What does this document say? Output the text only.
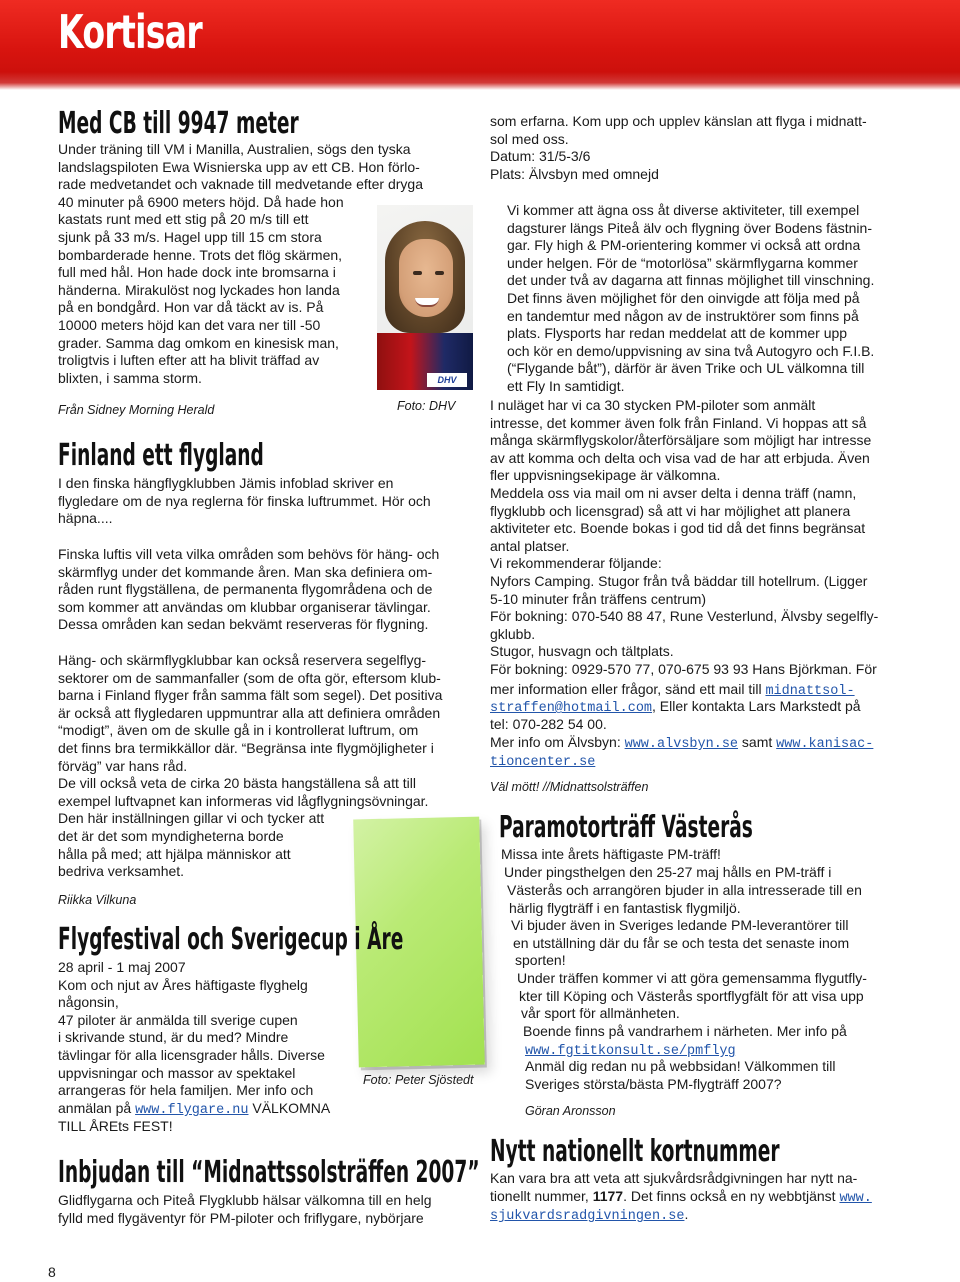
Kortisar
Med CB till 9947 meter
Under träning till VM i Manilla, Australien, sögs den tyska
landslagspiloten Ewa Wisnierska upp av ett CB. Hon förlo-
rade medvetandet och vaknade till medvetande efter dryga
40 minuter på 6900 meters höjd. Då hade hon
kastats runt med ett stig på 20 m/s till ett
sjunk på 33 m/s. Hagel upp till 15 cm stora
bombarderade henne. Trots det flög skärmen,
full med hål. Hon hade dock inte bromsarna i
händerna. Mirakulöst nog lyckades hon landa
på en bondgård. Hon var då täckt av is. På
10000 meters höjd kan det vara ner till -50
grader. Samma dag omkom en kinesisk man,
troligtvis i luften efter att ha blivit träffad av
blixten, i samma storm.
Från Sidney Morning Herald
DHV
Foto: DHV
Finland ett flygland
I den finska hängflygklubben Jämis infoblad skriver en
flygledare om de nya reglerna för finska luftrummet. Hör och
häpna....
Finska luftis vill veta vilka områden som behövs för häng- och
skärmflyg under det kommande åren. Man ska definiera om-
råden runt flygställena, de permanenta flygområdena och de
som kommer att användas om klubbar organiserar tävlingar.
Dessa områden kan sedan bekvämt reserveras för flygning.
Häng- och skärmflygklubbar kan också reservera segelflyg-
sektorer om de sammanfaller (som de ofta gör, eftersom klub-
barna i Finland flyger från samma fält som segel). Det positiva
är också att flygledaren uppmuntrar alla att definiera områden
“modigt”, även om de skulle gå in i kontrollerat luftrum, om
det finns bra termikkällor där. “Begränsa inte flygmöjligheter i
förväg” var hans råd.
De vill också veta de cirka 20 bästa hangställena så att till
exempel luftvapnet kan informeras vid lågflygningsövningar.
Den här inställningen gillar vi och tycker att
det är det som myndigheterna borde
hålla på med; att hjälpa människor att
bedriva verksamhet.
Riikka Vilkuna
Foto: Peter Sjöstedt
Flygfestival och Sverigecup i Åre
28 april - 1 maj 2007
Kom och njut av Åres häftigaste flyghelg
någonsin,
47 piloter är anmälda till sverige cupen
i skrivande stund, är du med? Mindre
tävlingar för alla licensgrader hålls. Diverse
uppvisningar och massor av spektakel
arrangeras för hela familjen. Mer info och
anmälan på www.flygare.nu VÄLKOMNA
TILL ÅREts FEST!
Inbjudan till “Midnattssolsträffen 2007”
Glidflygarna och Piteå Flygklubb hälsar välkomna till en helg
fylld med flygäventyr för PM-piloter och friflygare, nybörjare
som erfarna. Kom upp och upplev känslan att flyga i midnatt-
sol med oss.
Datum: 31/5-3/6
Plats: Älvsbyn med omnejd
Vi kommer att ägna oss åt diverse aktiviteter, till exempel
dagsturer längs Piteå älv och flygning över Bodens fästnin-
gar. Fly high & PM-orientering kommer vi också att ordna
under helgen. För de “motorlösa” skärmflygarna kommer
det under två av dagarna att finnas möjlighet till vinschning.
Det finns även möjlighet för den oinvigde att följa med på
en tandemtur med någon av de instruktörer som finns på
plats. Flysports har redan meddelat att de kommer upp
och kör en demo/uppvisning av sina två Autogyro och F.I.B.
(“Flygande båt”), därför är även Trike och UL välkomna till
ett Fly In samtidigt.
I nuläget har vi ca 30 stycken PM-piloter som anmält
intresse, det kommer även folk från Finland. Vi hoppas att så
många skärmflygskolor/återförsäljare som möjligt har intresse
av att komma och delta och visa vad de har att erbjuda. Även
fler uppvisningsekipage är välkomna.
Meddela oss via mail om ni avser delta i denna träff (namn,
flygklubb och licensgrad) så att vi har möjlighet att planera
aktiviteter etc. Boende bokas i god tid då det finns begränsat
antal platser.
Vi rekommenderar följande:
Nyfors Camping. Stugor från två bäddar till hotellrum. (Ligger
5-10 minuter från träffens centrum)
För bokning: 070-540 88 47, Rune Vesterlund, Älvsby segelfly-
gklubb.
Stugor, husvagn och tältplats.
För bokning: 0929-570 77, 070-675 93 93 Hans Björkman. För
mer information eller frågor, sänd ett mail till midnattsol-
straffen@hotmail.com, Eller kontakta Lars Markstedt på
tel: 070-282 54 00.
Mer info om Älvsbyn: www.alvsbyn.se samt www.kanisac-
tioncenter.se
Väl mött! //Midnattsolsträffen
Paramotorträff Västerås
Missa inte årets häftigaste PM-träff!
Under pingsthelgen den 25-27 maj hålls en PM-träff i
Västerås och arrangören bjuder in alla intresserade till en
härlig flygträff i en fantastisk flygmiljö.
Vi bjuder även in Sveriges ledande PM-leverantörer till
en utställning där du får se och testa det senaste inom
sporten!
Under träffen kommer vi att göra gemensamma flygutfly-
kter till Köping och Västerås sportflygfält för att visa upp
vår sport för allmänheten.
Boende finns på vandrarhem i närheten. Mer info på
www.fgtitkonsult.se/pmflyg
Anmäl dig redan nu på webbsidan! Välkommen till
Sveriges största/bästa PM-flygträff 2007?
Göran Aronsson
Nytt nationellt kortnummer
Kan vara bra att veta att sjukvårdsrådgivningen har nytt na-
tionellt nummer, 1177. Det finns också en ny webbtjänst www.
sjukvardsradgivningen.se.
8
